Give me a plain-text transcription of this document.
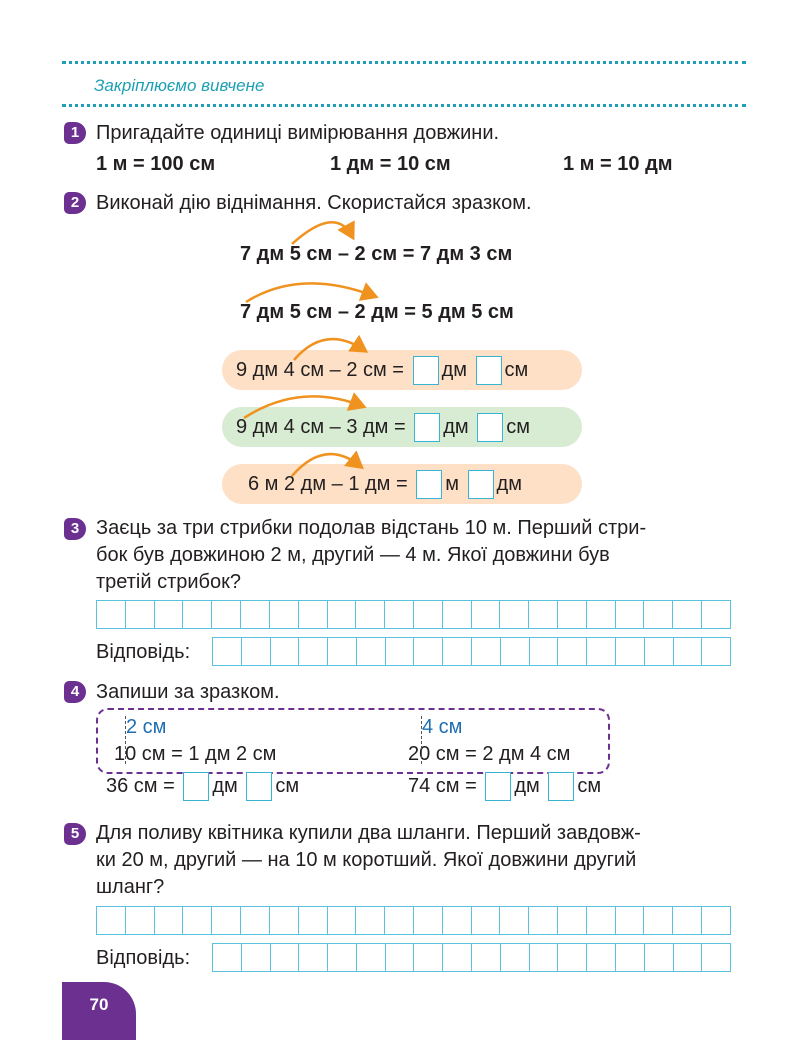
Закріплюємо вивчене
1 Пригадайте одиниці вимірювання довжини.
1 м = 100 см	1 дм = 10 см	1 м = 10 дм
2 Виконай дію віднімання. Скористайся зразком.
7 дм 5 см – 2 см = 7 дм 3 см
7 дм 5 см – 2 дм = 5 дм 5 см
9 дм 4 см – 2 см = дм см
9 дм 4 см – 3 дм = дм см
6 м 2 дм – 1 дм = м дм
3 Заєць за три стрибки подолав відстань 10 м. Перший стри-
бок був довжиною 2 м, другий — 4 м. Якої довжини був
третій стрибок?
Відповідь:
4 Запиши за зразком.
2 см
10 см = 1 дм 2 см
4 см
20 см = 2 дм 4 см
36 см = дм см	74 см = дм см
5 Для поливу квітника купили два шланги. Перший завдовж-
ки 20 м, другий — на 10 м коротший. Якої довжини другий
шланг?
Відповідь:
70
